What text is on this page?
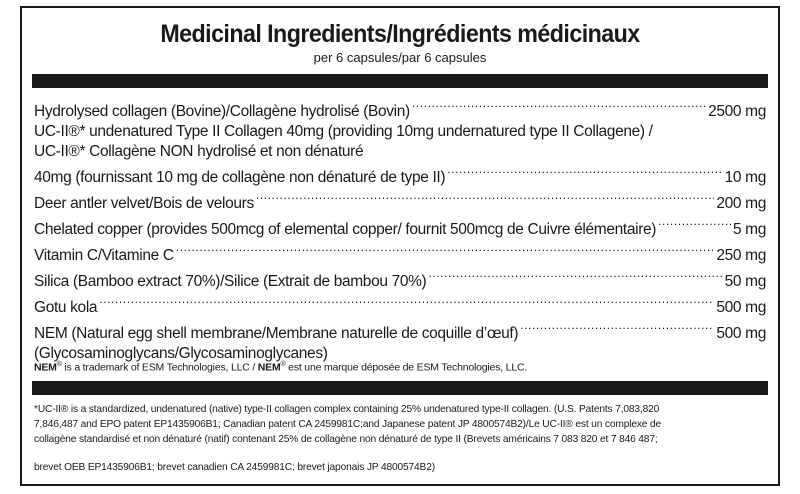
Medicinal Ingredients/Ingrédients médicinaux
per 6 capsules/par 6 capsules
Hydrolysed collagen (Bovine)/Collagène hydrolisé (Bovin) .....	2500 mg
UC-II®* undenatured Type II Collagen 40mg (providing 10mg undernatured type II Collagene) /
UC-II®* Collagène NON hydrolisé et non dénaturé
40mg (fournissant 10 mg de collagène non dénaturé de type II) .....	10 mg
Deer antler velvet/Bois de velours .....	200 mg
Chelated copper (provides 500mcg of elemental copper/ fournit 500mcg de Cuivre élémentaire) .....	5 mg
Vitamin C/Vitamine C .....	250 mg
Silica (Bamboo extract 70%)/Silice (Extrait de bambou 70%) .....	50 mg
Gotu kola .....	500 mg
NEM (Natural egg shell membrane/Membrane naturelle de coquille d’œuf) .....	500 mg
(Glycosaminoglycans/Glycosaminoglycanes)
NEM® is a trademark of ESM Technologies, LLC / NEM® est une marque déposée de ESM Technologies, LLC.
*UC-II® is a standardized, undenatured (native) type-II collagen complex containing 25% undenatured type-II collagen. (U.S. Patents 7,083,820
7,846,487 and EPO patent EP1435906B1; Canadian patent CA 2459981C;and Japanese patent JP 4800574B2)/Le UC-II® est un complexe de
collagène standardisé et non dénaturé (natif) contenant 25% de collagène non dénaturé de type II (Brevets américains 7 083 820 et 7 846 487;
brevet OEB EP1435906B1; brevet canadien CA 2459981C; brevet japonais JP 4800574B2)
